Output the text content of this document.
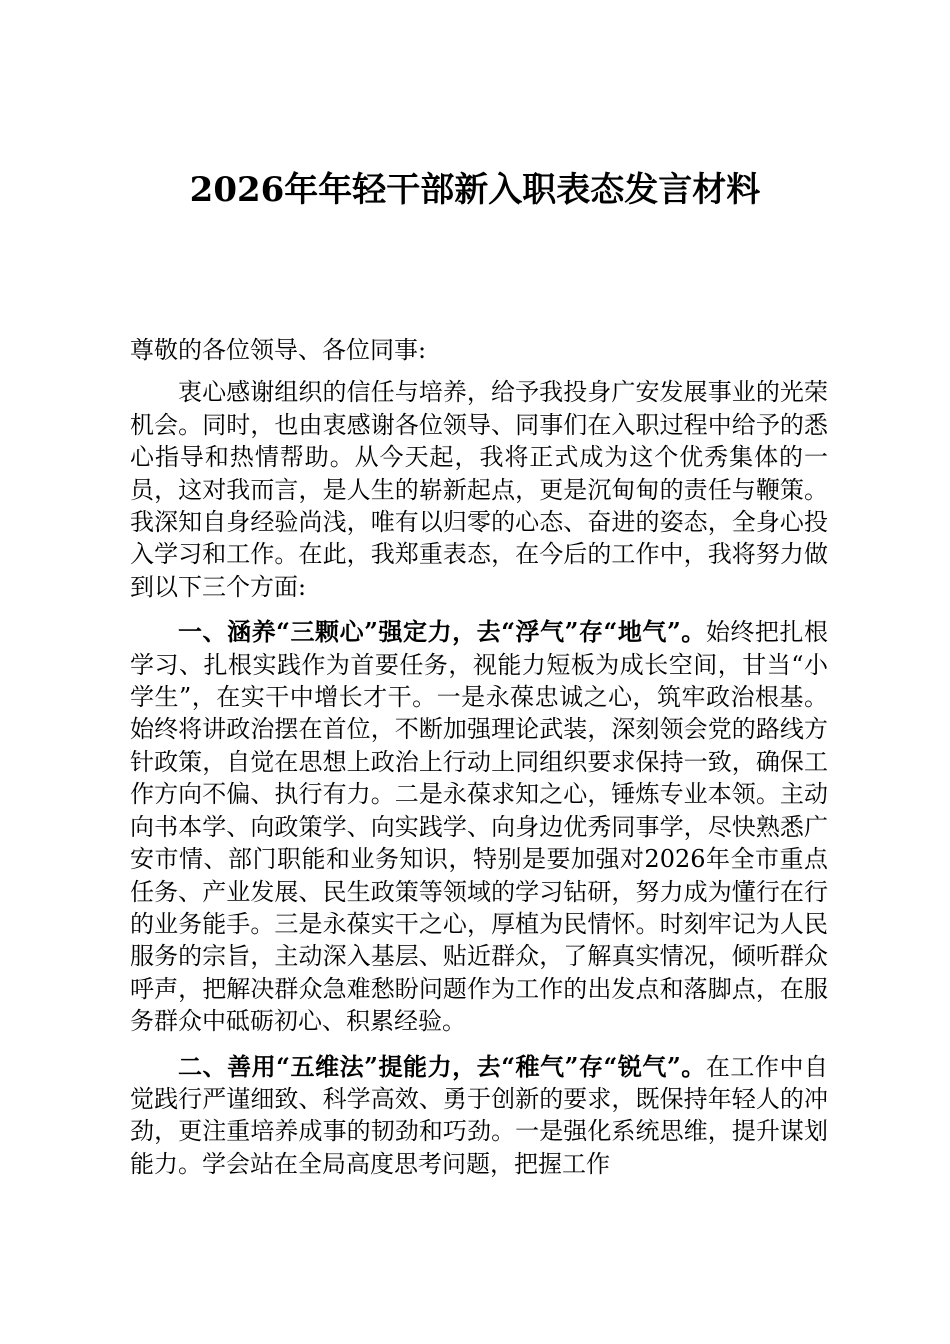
2026年年轻干部新入职表态发言材料

尊敬的各位领导、各位同事:

衷心感谢组织的信任与培养，给予我投身广安发展事业的光荣机会。同时，也由衷感谢各位领导、同事们在入职过程中给予的悉心指导和热情帮助。从今天起，我将正式成为这个优秀集体的一员，这对我而言，是人生的崭新起点，更是沉甸甸的责任与鞭策。我深知自身经验尚浅，唯有以归零的心态、奋进的姿态，全身心投入学习和工作。在此，我郑重表态，在今后的工作中，我将努力做到以下三个方面:

一、涵养“三颗心”强定力，去“浮气”存“地气”。始终把扎根学习、扎根实践作为首要任务，视能力短板为成长空间，甘当“小学生”，在实干中增长才干。一是永葆忠诚之心，筑牢政治根基。始终将讲政治摆在首位，不断加强理论武装，深刻领会党的路线方针政策，自觉在思想上政治上行动上同组织要求保持一致，确保工作方向不偏、执行有力。二是永葆求知之心，锤炼专业本领。主动向书本学、向政策学、向实践学、向身边优秀同事学，尽快熟悉广安市情、部门职能和业务知识，特别是要加强对2026年全市重点任务、产业发展、民生政策等领域的学习钻研，努力成为懂行在行的业务能手。三是永葆实干之心，厚植为民情怀。时刻牢记为人民服务的宗旨，主动深入基层、贴近群众，了解真实情况，倾听群众呼声，把解决群众急难愁盼问题作为工作的出发点和落脚点，在服务群众中砥砺初心、积累经验。

二、善用“五维法”提能力，去“稚气”存“锐气”。在工作中自觉践行严谨细致、科学高效、勇于创新的要求，既保持年轻人的冲劲，更注重培养成事的韧劲和巧劲。一是强化系统思维，提升谋划能力。学会站在全局高度思考问题，把握工作
